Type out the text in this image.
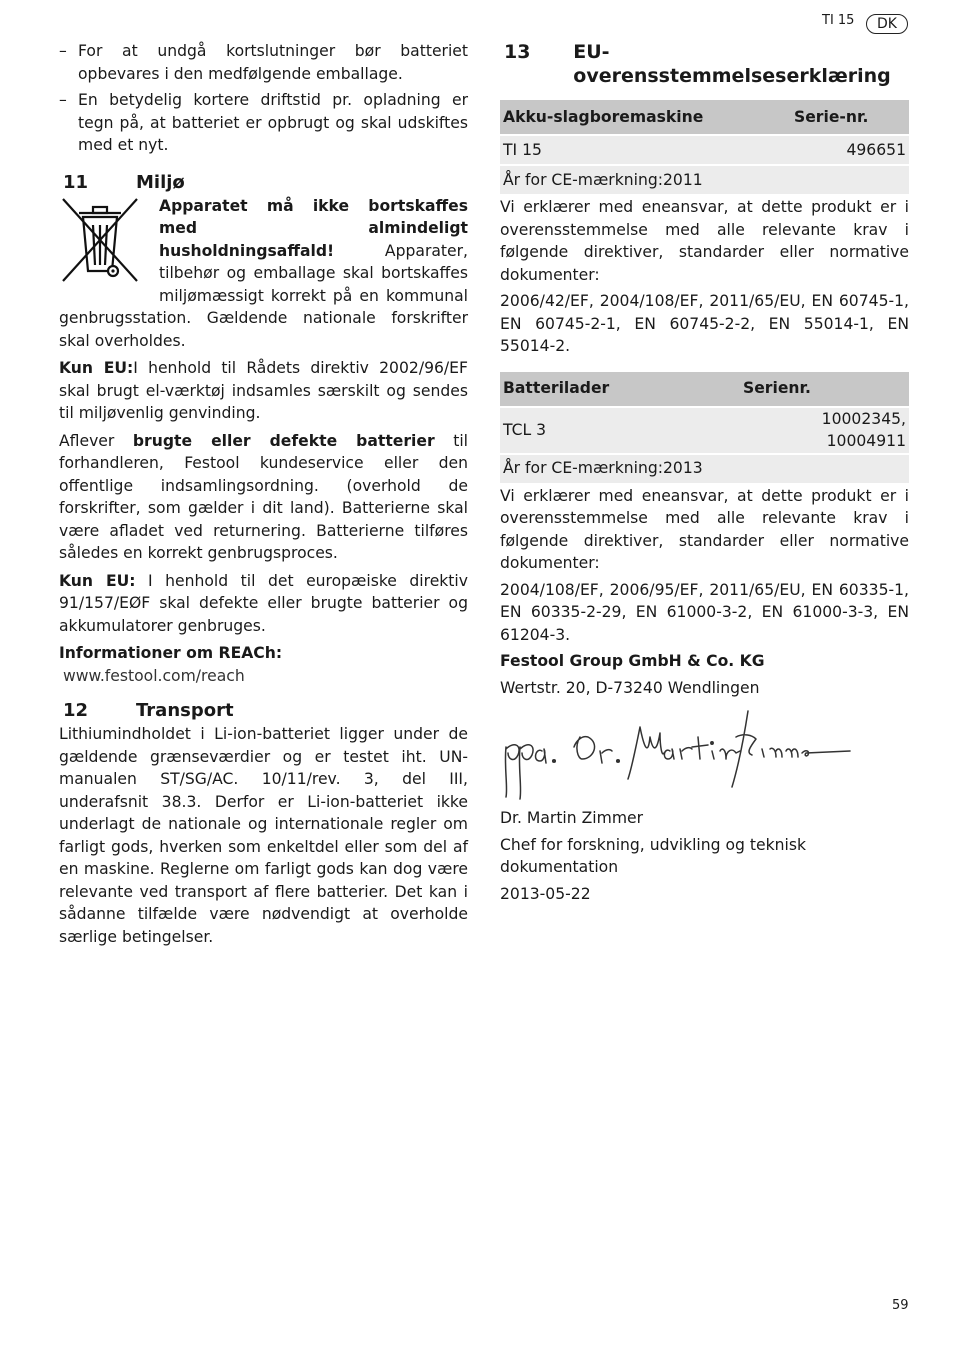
TI 15	DK

– For at undgå kortslutninger bør batteriet opbevares i den medfølgende emballage.

– En betydelig kortere driftstid pr. opladning er tegn på, at batteriet er opbrugt og skal udskiftes med et nyt.

11	Miljø

Apparatet må ikke bortskaffes med almindeligt husholdningsaffald! Apparater, tilbehør og emballage skal bortskaffes miljømæssigt korrekt på en kommunal genbrugsstation. Gældende nationale forskrifter skal overholdes.

Kun EU:I henhold til Rådets direktiv 2002/96/EF skal brugt el-værktøj indsamles særskilt og sendes til miljøvenlig genvinding.

Aflever brugte eller defekte batterier til forhandleren, Festool kundeservice eller den offentlige indsamlingsordning. (overhold de forskrifter, som gælder i dit land). Batterierne skal være afladet ved returnering. Batterierne tilføres således en korrekt genbrugsproces.

Kun EU: I henhold til det europæiske direktiv 91/157/EØF skal defekte eller brugte batterier og akkumulatorer genbruges.

Informationer om REACh:

www.festool.com/reach

12	Transport

Lithiumindholdet i Li-ion-batteriet ligger under de gældende grænseværdier og er testet iht. UN-manualen ST/SG/AC. 10/11/rev. 3, del III, underafsnit 38.3. Derfor er Li-ion-batteriet ikke underlagt de nationale og internationale regler om farligt gods, hverken som enkeltdel eller som del af en maskine. Reglerne om farligt gods kan dog være relevante ved transport af flere batterier. Det kan i sådanne tilfælde være nødvendigt at overholde særlige betingelser.

13	EU-overensstemmelseserklæring
Akku-slagboremaskine	Serie-nr.
TI 15	496651
År for CE-mærkning:2011	

Vi erklærer med eneansvar, at dette produkt er i overensstemmelse med alle relevante krav i følgende direktiver, standarder eller normative dokumenter:

2006/42/EF, 2004/108/EF, 2011/65/EU, EN 60745-1, EN 60745-2-1, EN 60745-2-2, EN 55014-1, EN 55014-2.

Batterilader	Serienr.
TCL 3	10002345, 10004911
År for CE-mærkning:2013	

Vi erklærer med eneansvar, at dette produkt er i overensstemmelse med alle relevante krav i følgende direktiver, standarder eller normative dokumenter:

2004/108/EF, 2006/95/EF, 2011/65/EU, EN 60335-1, EN 60335-2-29, EN 61000-3-2, EN 61000-3-3, EN 61204-3.

Festool Group GmbH & Co. KG

Wertstr. 20, D-73240 Wendlingen

Dr. Martin Zimmer

Chef for forskning, udvikling og teknisk dokumentation

2013-05-22

59
